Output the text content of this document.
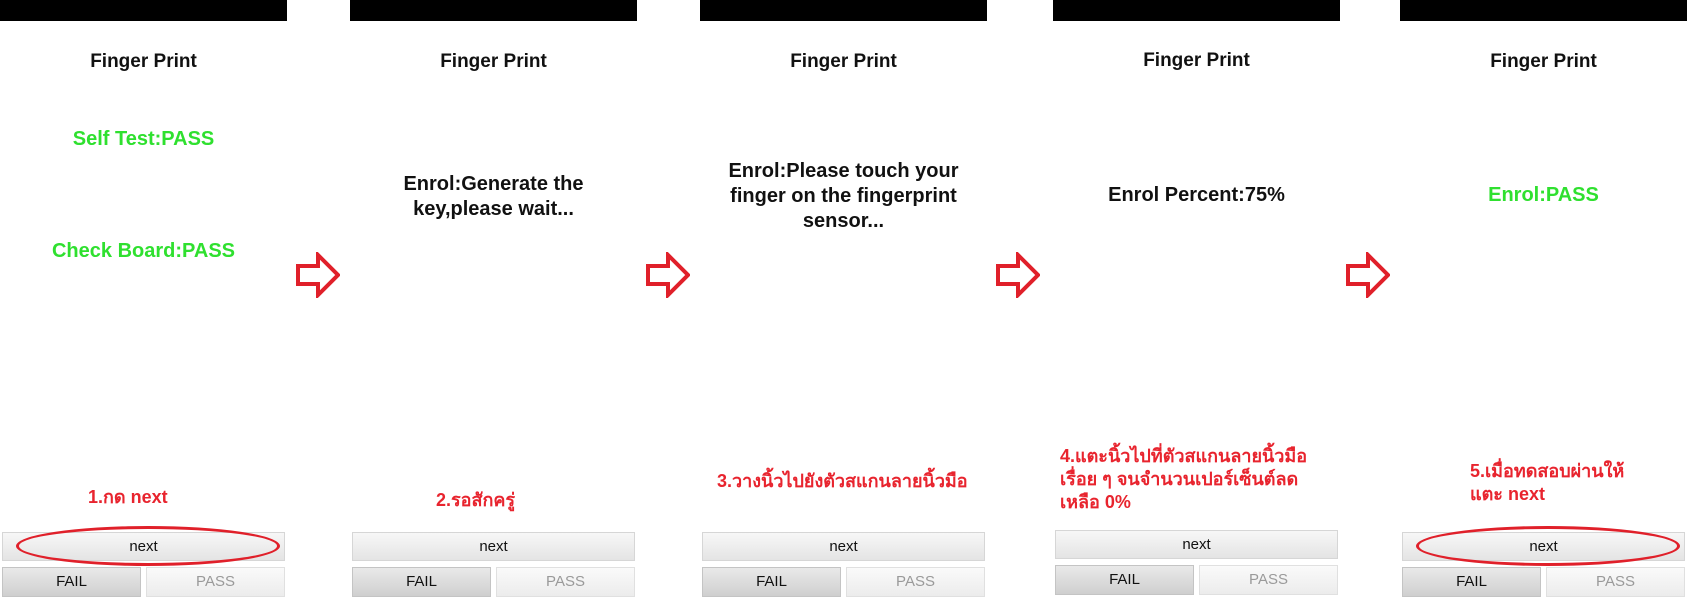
Finger Print
Self Test:PASS
Check Board:PASS
1.กด next
next
FAIL	PASS
Finger Print
Enrol:Generate the key,please wait...
2.รอสักครู่
next
FAIL	PASS
Finger Print
Enrol:Please touch your finger on the fingerprint sensor...
3.วางนิ้วไปยังตัวสแกนลายนิ้วมือ
next
FAIL	PASS
Finger Print
Enrol Percent:75%
4.แตะนิ้วไปที่ตัวสแกนลายนิ้วมือเรื่อย ๆ จนจำนวนเปอร์เซ็นต์ลดเหลือ 0%
next
FAIL	PASS
Finger Print
Enrol:PASS
5.เมื่อทดสอบผ่านให้แตะ next
next
FAIL	PASS
